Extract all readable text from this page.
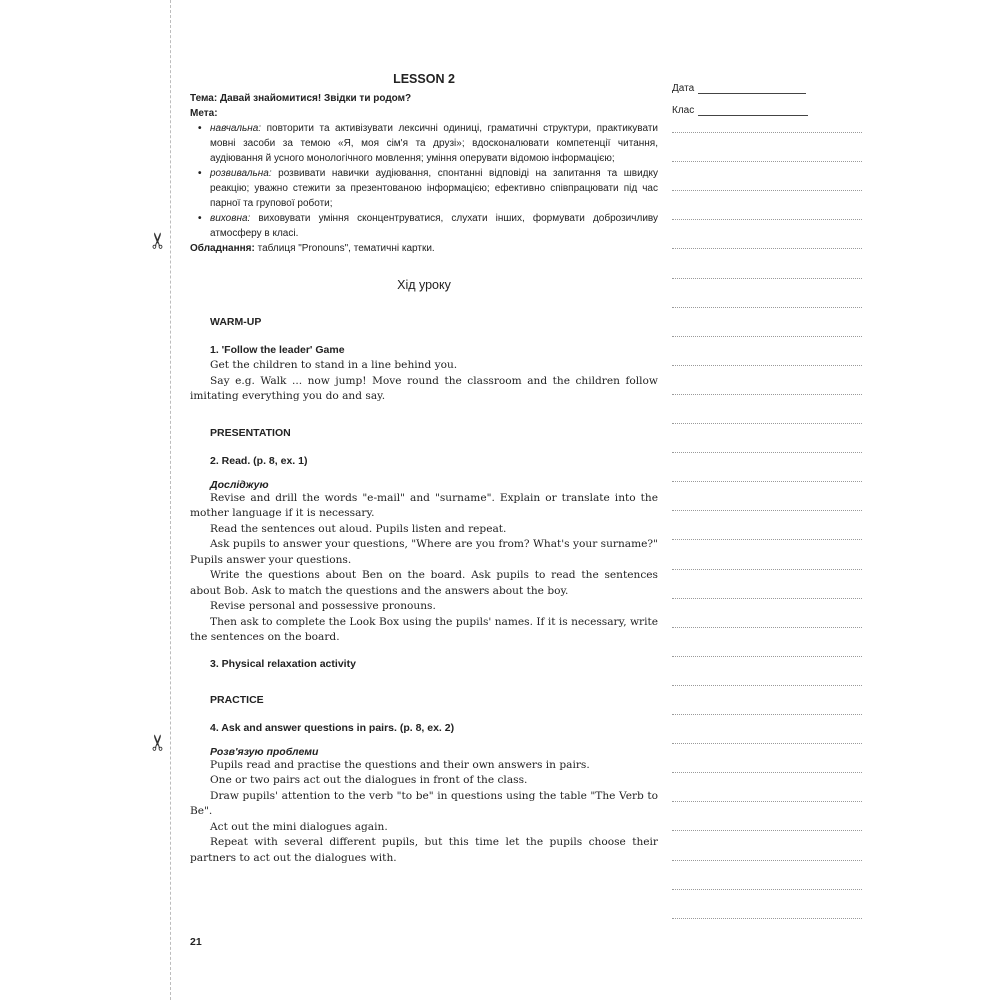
✂
✂
LESSON 2
Тема: Давай знайомитися! Звідки ти родом?
Мета:
• навчальна: повторити та активізувати лексичні одиниці, граматичні структури, практикувати мовні засоби за темою «Я, моя сім'я та друзі»; вдосконалювати компетенції читання, аудіювання й усного монологічного мовлення; уміння оперувати відомою інформацією;
• розвивальна: розвивати навички аудіювання, спонтанні відповіді на запитання та швидку реакцію; уважно стежити за презентованою інформацією; ефективно співпрацювати під час парної та групової роботи;
• виховна: виховувати уміння сконцентруватися, слухати інших, формувати доброзичливу атмосферу в класі.
Обладнання: таблиця "Pronouns", тематичні картки.
Хід уроку
WARM-UP
1. 'Follow the leader' Game

Get the children to stand in a line behind you.

Say e.g. Walk ... now jump! Move round the classroom and the children follow imitating everything you do and say.

PRESENTATION
2. Read. (p. 8, ex. 1)
Досліджую

Revise and drill the words "e-mail" and "surname". Explain or translate into the mother language if it is necessary.

Read the sentences out aloud. Pupils listen and repeat.

Ask pupils to answer your questions, "Where are you from? What's your surname?" Pupils answer your questions.

Write the questions about Ben on the board. Ask pupils to read the sentences about Bob. Ask to match the questions and the answers about the boy.

Revise personal and possessive pronouns.

Then ask to complete the Look Box using the pupils' names. If it is necessary, write the sentences on the board.

3. Physical relaxation activity
PRACTICE
4. Ask and answer questions in pairs. (p. 8, ex. 2)
Розв'язую проблеми

Pupils read and practise the questions and their own answers in pairs.

One or two pairs act out the dialogues in front of the class.

Draw pupils' attention to the verb "to be" in questions using the table "The Verb to Be".

Act out the mini dialogues again.

Repeat with several different pupils, but this time let the pupils choose their partners to act out the dialogues with.

21
Дата
Клас
